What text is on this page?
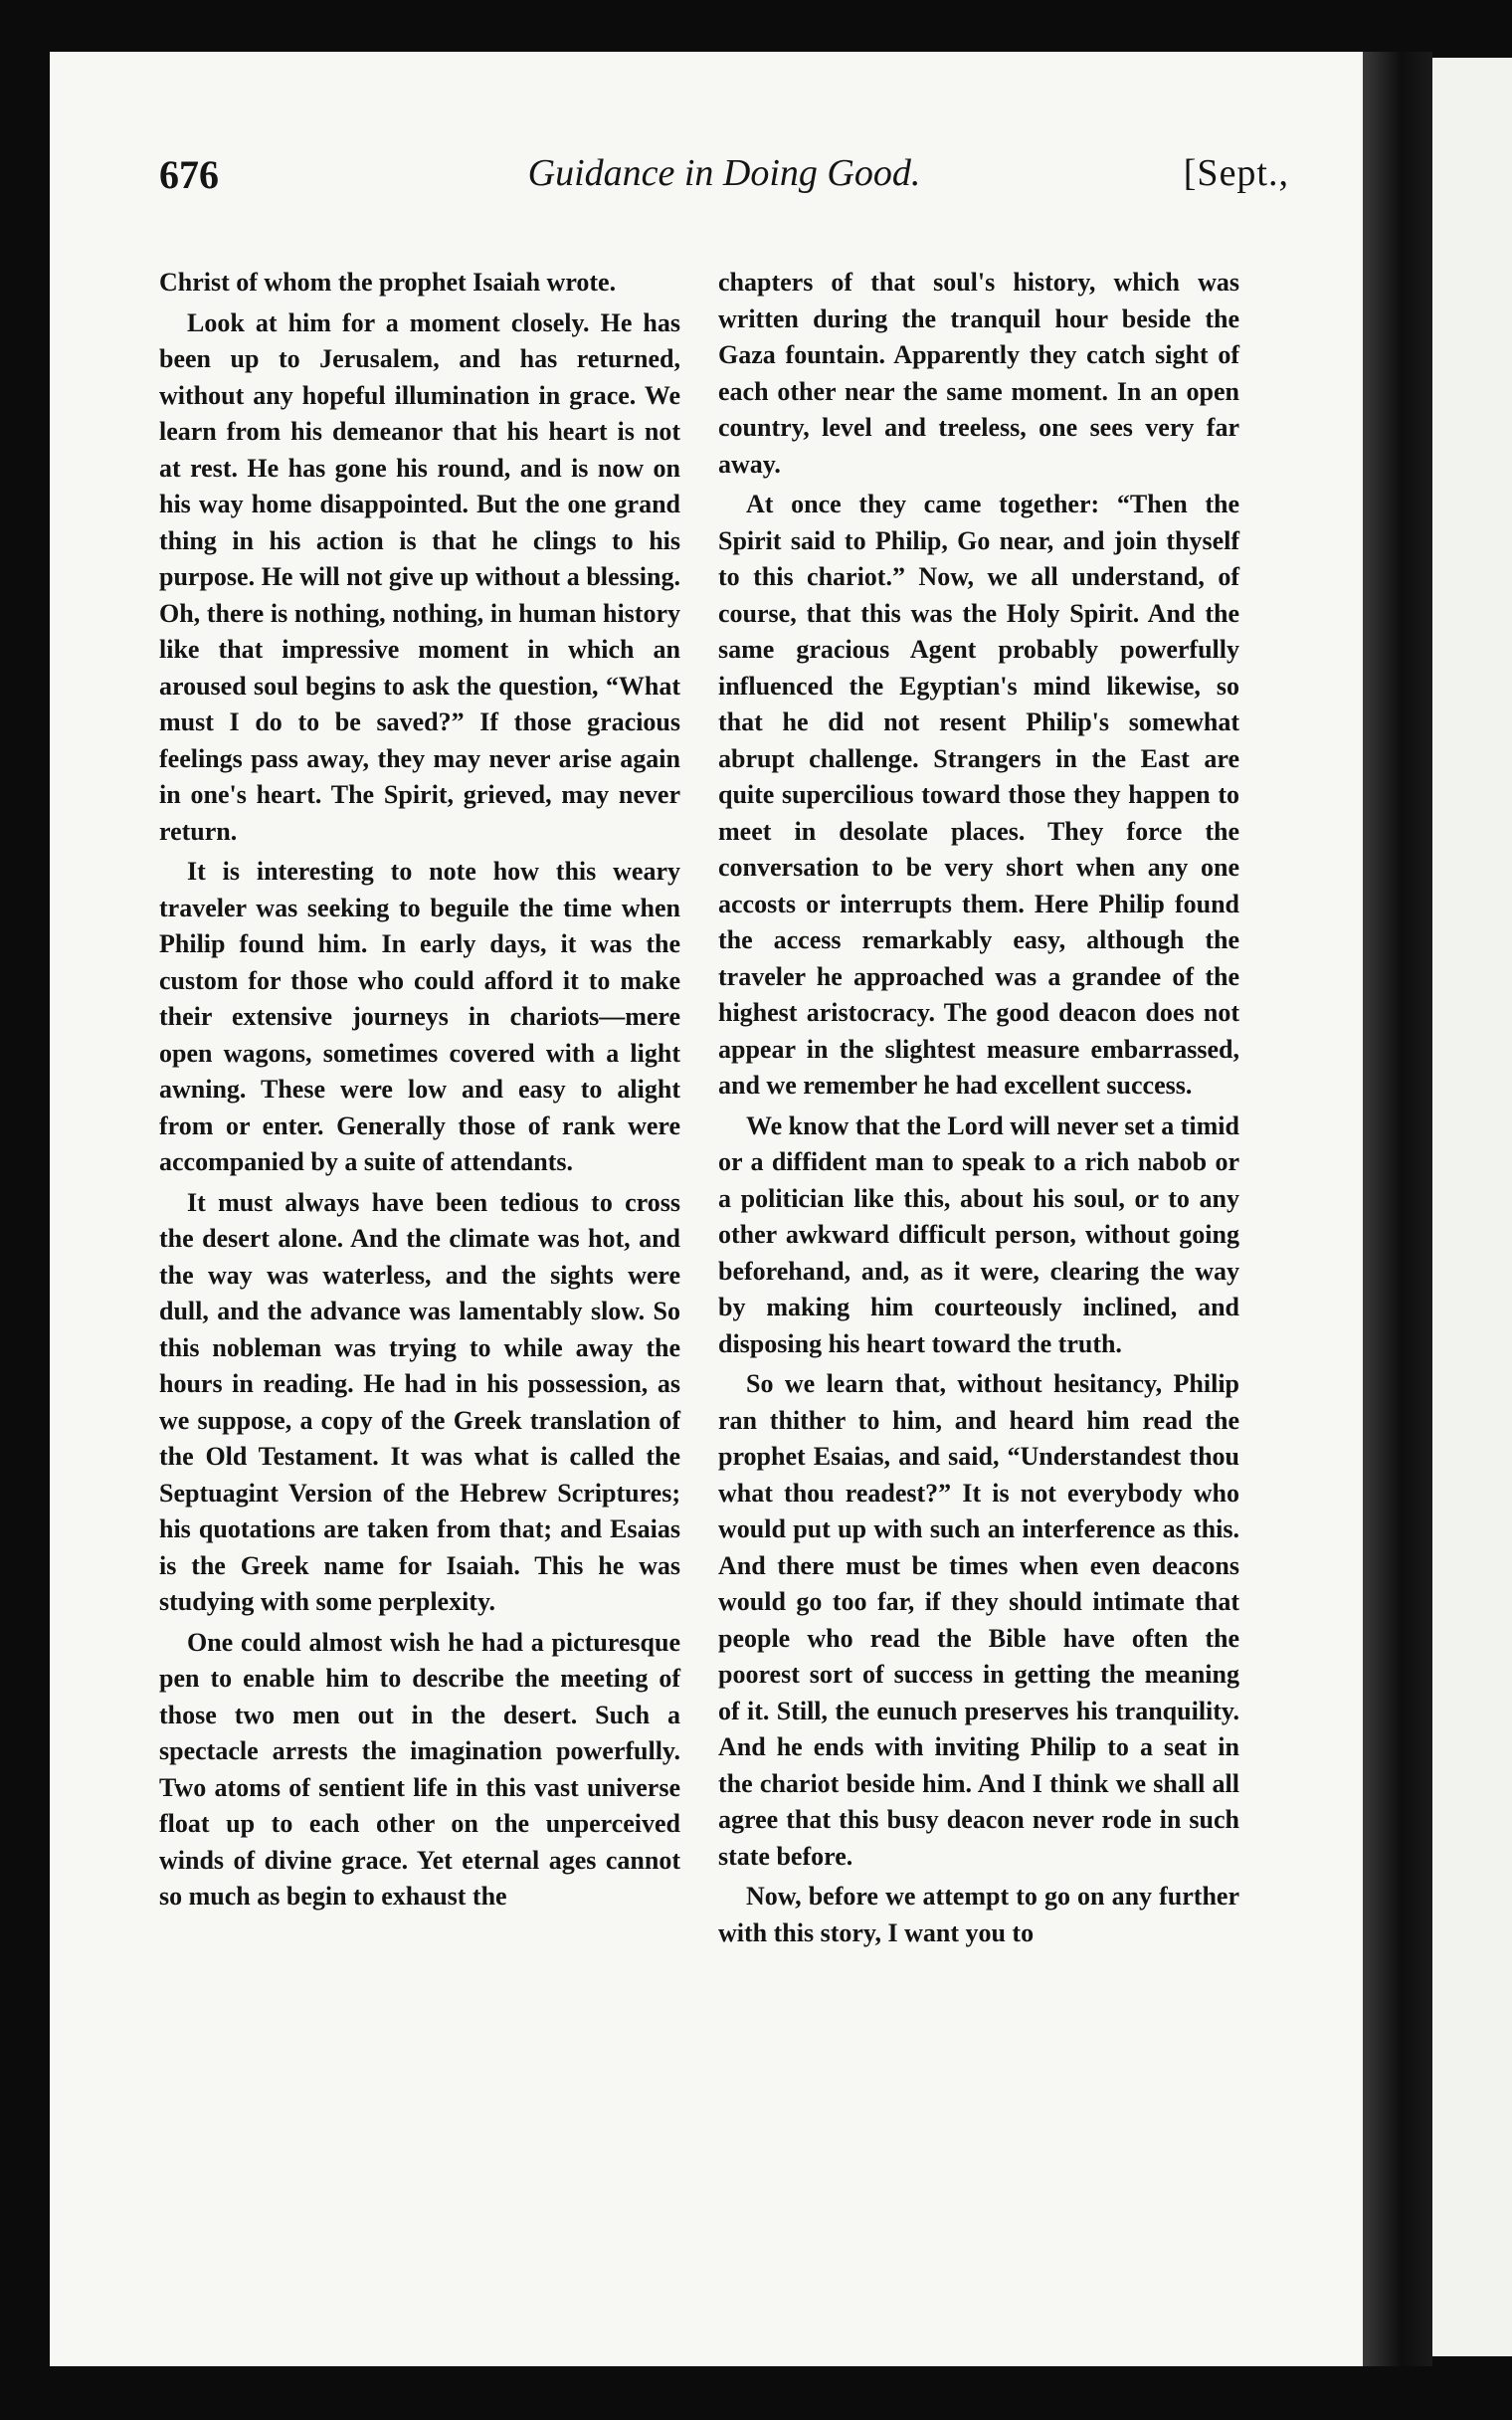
676	Guidance in Doing Good.	[Sept.,

Christ of whom the prophet Isaiah wrote.

Look at him for a moment closely. He has been up to Jerusalem, and has returned, without any hopeful illumination in grace. We learn from his demeanor that his heart is not at rest. He has gone his round, and is now on his way home disappointed. But the one grand thing in his action is that he clings to his purpose. He will not give up without a blessing. Oh, there is nothing, nothing, in human history like that impressive moment in which an aroused soul begins to ask the question, “What must I do to be saved?” If those gracious feelings pass away, they may never arise again in one's heart. The Spirit, grieved, may never return.

It is interesting to note how this weary traveler was seeking to beguile the time when Philip found him. In early days, it was the custom for those who could afford it to make their extensive journeys in chariots—mere open wagons, sometimes covered with a light awning. These were low and easy to alight from or enter. Generally those of rank were accompanied by a suite of attendants.

It must always have been tedious to cross the desert alone. And the climate was hot, and the way was waterless, and the sights were dull, and the advance was lamentably slow. So this nobleman was trying to while away the hours in reading. He had in his possession, as we suppose, a copy of the Greek translation of the Old Testament. It was what is called the Septuagint Version of the Hebrew Scriptures; his quotations are taken from that; and Esaias is the Greek name for Isaiah. This he was studying with some perplexity.

One could almost wish he had a picturesque pen to enable him to describe the meeting of those two men out in the desert. Such a spectacle arrests the imagination powerfully. Two atoms of sentient life in this vast universe float up to each other on the unperceived winds of divine grace. Yet eternal ages cannot so much as begin to exhaust the

chapters of that soul's history, which was written during the tranquil hour beside the Gaza fountain. Apparently they catch sight of each other near the same moment. In an open country, level and treeless, one sees very far away.

At once they came together: “Then the Spirit said to Philip, Go near, and join thyself to this chariot.” Now, we all understand, of course, that this was the Holy Spirit. And the same gracious Agent probably powerfully influenced the Egyptian's mind likewise, so that he did not resent Philip's somewhat abrupt challenge. Strangers in the East are quite supercilious toward those they happen to meet in desolate places. They force the conversation to be very short when any one accosts or interrupts them. Here Philip found the access remarkably easy, although the traveler he approached was a grandee of the highest aristocracy. The good deacon does not appear in the slightest measure embarrassed, and we remember he had excellent success.

We know that the Lord will never set a timid or a diffident man to speak to a rich nabob or a politician like this, about his soul, or to any other awkward difficult person, without going beforehand, and, as it were, clearing the way by making him courteously inclined, and disposing his heart toward the truth.

So we learn that, without hesitancy, Philip ran thither to him, and heard him read the prophet Esaias, and said, “Understandest thou what thou readest?” It is not everybody who would put up with such an interference as this. And there must be times when even deacons would go too far, if they should intimate that people who read the Bible have often the poorest sort of success in getting the meaning of it. Still, the eunuch preserves his tranquility. And he ends with inviting Philip to a seat in the chariot beside him. And I think we shall all agree that this busy deacon never rode in such state before.

Now, before we attempt to go on any further with this story, I want you to
